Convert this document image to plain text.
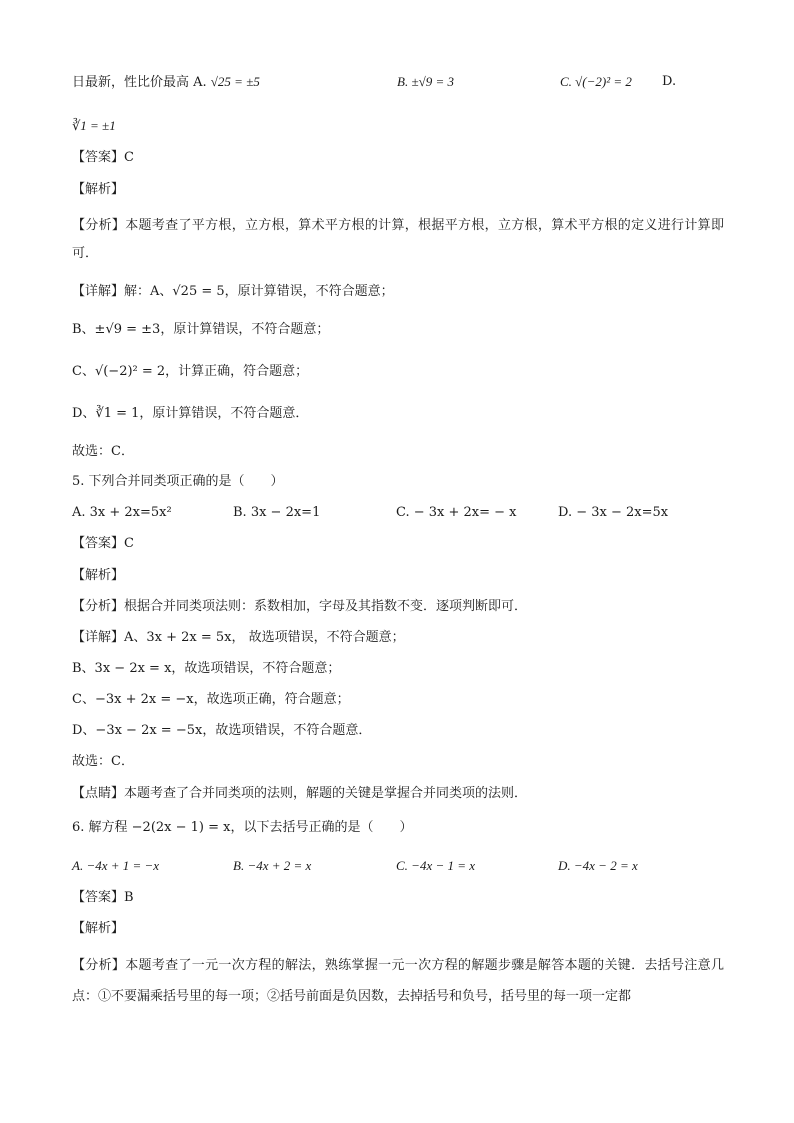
日最新，性比价最高 A. √25 = ±5	B. ±√9 = 3	C. √(−2)² = 2 D.
∛1 = ±1
【答案】C
【解析】
【分析】本题考查了平方根，立方根，算术平方根的计算，根据平方根，立方根，算术平方根的定义进行计算即可．
【详解】解：A、√25 = 5，原计算错误，不符合题意；
B、±√9 = ±3，原计算错误，不符合题意；
C、√(−2)² = 2，计算正确，符合题意；
D、∛1 = 1，原计算错误，不符合题意．
故选：C．
5. 下列合并同类项正确的是（　　）
A. 3x + 2x=5x²	B. 3x − 2x=1	C. − 3x + 2x= − x	D. − 3x − 2x=5x
【答案】C
【解析】
【分析】根据合并同类项法则：系数相加，字母及其指数不变．逐项判断即可．
【详解】A、3x + 2x = 5x， 故选项错误，不符合题意；
B、3x − 2x = x，故选项错误，不符合题意；
C、−3x + 2x = −x，故选项正确，符合题意；
D、−3x − 2x = −5x，故选项错误，不符合题意．
故选：C．
【点睛】本题考查了合并同类项的法则，解题的关键是掌握合并同类项的法则．
6. 解方程 −2(2x − 1) = x，以下去括号正确的是（　　）
A. −4x + 1 = −x	B. −4x + 2 = x	C. −4x − 1 = x	D. −4x − 2 = x
【答案】B
【解析】
【分析】本题考查了一元一次方程的解法，熟练掌握一元一次方程的解题步骤是解答本题的关键．去括号注意几点：①不要漏乘括号里的每一项；②括号前面是负因数，去掉括号和负号，括号里的每一项一定都
